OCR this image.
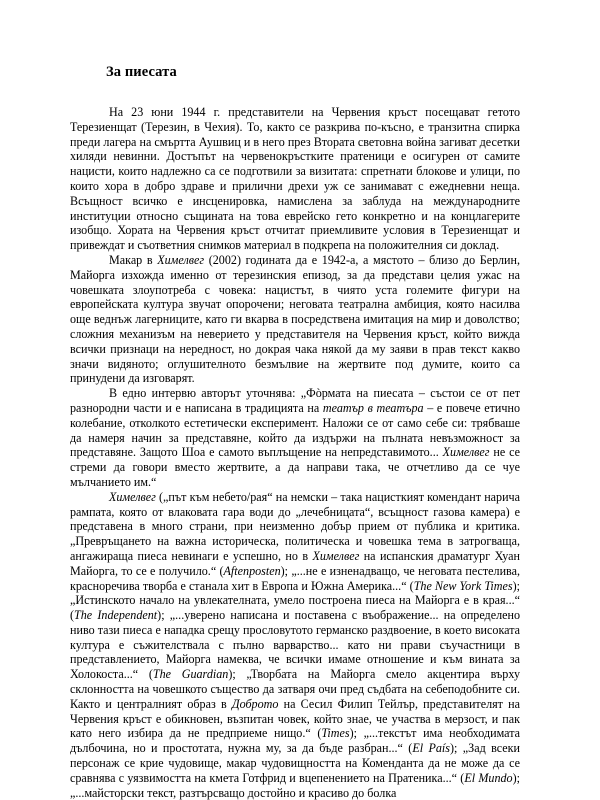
За пиесата

На 23 юни 1944 г. представители на Червения кръст посещават гетото Терезиенщат (Терезин, в Чехия). То, както се разкрива по-късно, е транзитна спирка преди лагера на смъртта Аушвиц и в него през Втората световна война загиват десетки хиляди невинни. Достъпът на червенокръстките пратеници е осигурен от самите нацисти, които надлежно са се подготвили за визитата: спретнати блокове и улици, по които хора в добро здраве и прилични дрехи уж се занимават с ежедневни неща. Всъщност всичко е инсценировка, намислена за заблуда на международните институции относно същината на това еврейско гето конкретно и на концлагерите изобщо. Хората на Червения кръст отчитат приемливите условия в Терезиенщат и привеждат и съответния снимков материал в подкрепа на положителния си доклад.

Макар в Химелвег (2002) годината да е 1942-а, а мястото – близо до Берлин, Майорга изхожда именно от терезинския епизод, за да представи целия ужас на човешката злоупотреба с човека: нацистът, в чиято уста големите фигури на европейската култура звучат опорочени; неговата театрална амбиция, която насилва още веднъж лагерниците, като ги вкарва в посредствена имитация на мир и доволство; сложния механизъм на неверието у представителя на Червения кръст, който вижда всички признаци на нередност, но докрая чака някой да му заяви в прав текст какво значи видяното; оглушителното безмълвие на жертвите под думите, които са принудени да изговарят.

В едно интервю авторът уточнява: „Фòрмата на пиесата – състои се от пет разнородни части и е написана в традицията на театър в театъра – е повече етично колебание, отколкото естетически експеримент. Наложи се от само себе си: трябваше да намеря начин за представяне, който да издържи на пълната невъзможност за представяне. Защото Шоа е самото въплъщение на непредставимото... Химелвег не се стреми да говори вместо жертвите, а да направи така, че отчетливо да се чуе мълчанието им.“

Химелвег („път към небето/рая“ на немски – така нацисткият комендант нарича рампата, която от влаковата гара води до „лечебницата“, всъщност газова камера) е представена в много страни, при неизменно добър прием от публика и критика. „Превръщането на важна историческа, политическа и човешка тема в затрогваща, ангажираща пиеса невинаги е успешно, но в Химелвег на испанския драматург Хуан Майорга, то се е получило.“ (Aftenposten); „...не е изненадващо, че неговата пестелива, красноречива творба е станала хит в Европа и Южна Америка...“ (The New York Times); „Истинското начало на увлекателната, умело построена пиеса на Майорга е в края...“ (The Independent); „...уверено написана и поставена с въображение... на определено ниво тази пиеса е нападка срещу прословутото германско раздвоение, в което високата култура е съжителствала с пълно варварство... като ни прави съучастници в представлението, Майорга намеква, че всички имаме отношение и към вината за Холокоста...“ (The Guardian); „Творбата на Майорга смело акцентира върху склонността на човешкото същество да затваря очи пред съдбата на себеподобните си. Както и централният образ в Доброто на Сесил Филип Тейлър, представителят на Червения кръст е обикновен, възпитан човек, който знае, че участва в мерзост, и пак като него избира да не предприеме нищо.“ (Times); „...текстът има необходимата дълбочина, но и простотата, нужна му, за да бъде разбран...“ (El País); „Зад всеки персонаж се крие чудовище, макар чудовищността на Коменданта да не може да се сравнява с уязвимостта на кмета Готфрид и вцепенението на Пратеника...“ (El Mundo); „...майсторски текст, разтърсващо достойно и красиво до болка
